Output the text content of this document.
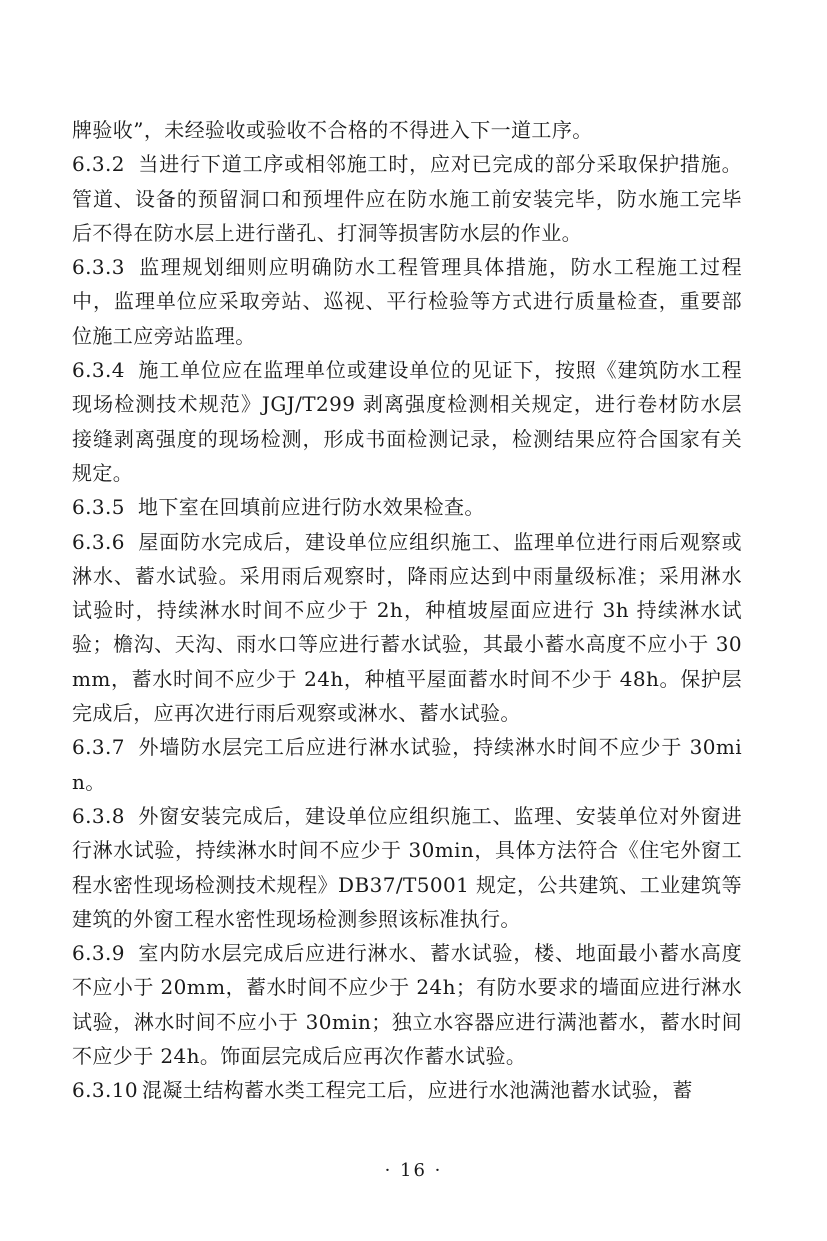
牌验收”，未经验收或验收不合格的不得进入下一道工序。

6.3.2 当进行下道工序或相邻施工时，应对已完成的部分采取保护措施。管道、设备的预留洞口和预埋件应在防水施工前安装完毕，防水施工完毕后不得在防水层上进行凿孔、打洞等损害防水层的作业。

6.3.3 监理规划细则应明确防水工程管理具体措施，防水工程施工过程中，监理单位应采取旁站、巡视、平行检验等方式进行质量检查，重要部位施工应旁站监理。

6.3.4 施工单位应在监理单位或建设单位的见证下，按照《建筑防水工程现场检测技术规范》JGJ/T299 剥离强度检测相关规定，进行卷材防水层接缝剥离强度的现场检测，形成书面检测记录，检测结果应符合国家有关规定。

6.3.5 地下室在回填前应进行防水效果检查。

6.3.6 屋面防水完成后，建设单位应组织施工、监理单位进行雨后观察或淋水、蓄水试验。采用雨后观察时，降雨应达到中雨量级标准；采用淋水试验时，持续淋水时间不应少于 2h，种植坡屋面应进行 3h 持续淋水试验；檐沟、天沟、雨水口等应进行蓄水试验，其最小蓄水高度不应小于 30mm，蓄水时间不应少于 24h，种植平屋面蓄水时间不少于 48h。保护层完成后，应再次进行雨后观察或淋水、蓄水试验。

6.3.7 外墙防水层完工后应进行淋水试验，持续淋水时间不应少于 30min。

6.3.8 外窗安装完成后，建设单位应组织施工、监理、安装单位对外窗进行淋水试验，持续淋水时间不应少于 30min，具体方法符合《住宅外窗工程水密性现场检测技术规程》DB37/T5001 规定，公共建筑、工业建筑等建筑的外窗工程水密性现场检测参照该标准执行。

6.3.9 室内防水层完成后应进行淋水、蓄水试验，楼、地面最小蓄水高度不应小于 20mm，蓄水时间不应少于 24h；有防水要求的墙面应进行淋水试验，淋水时间不应小于 30min；独立水容器应进行满池蓄水，蓄水时间不应少于 24h。饰面层完成后应再次作蓄水试验。

6.3.10 混凝土结构蓄水类工程完工后，应进行水池满池蓄水试验，蓄

· 16 ·
